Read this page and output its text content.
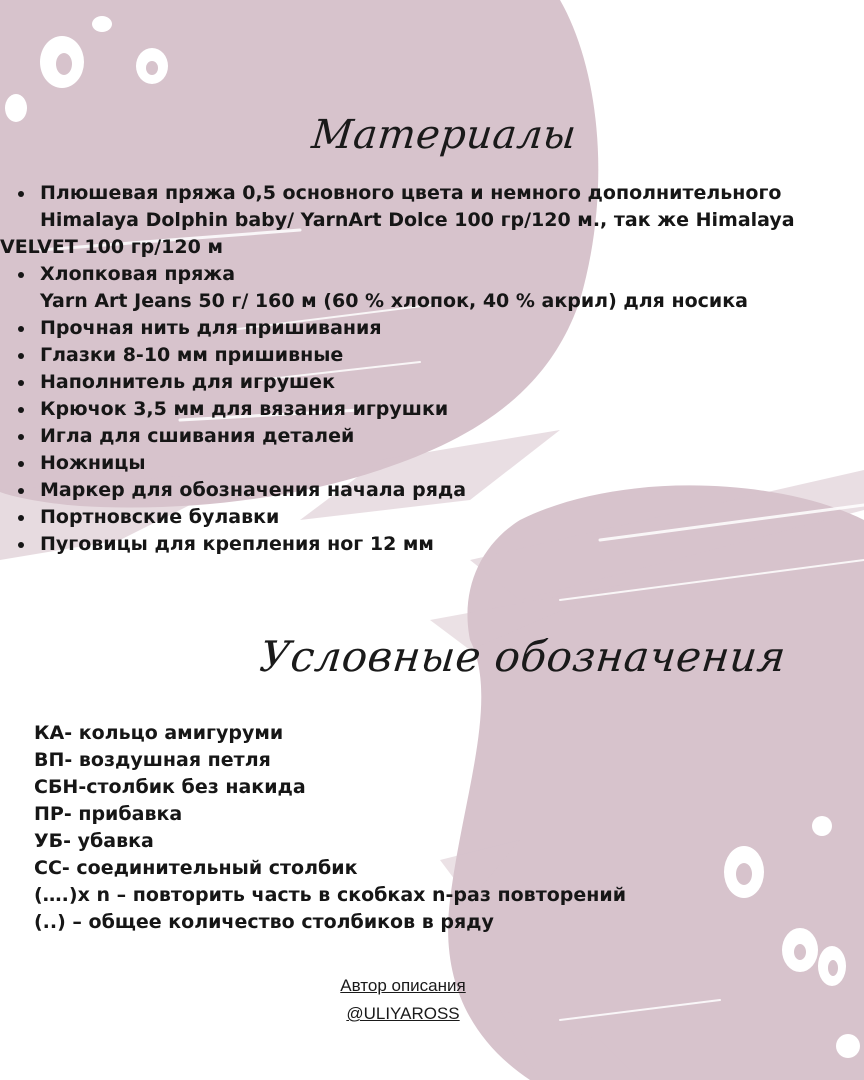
Материалы
Плюшевая пряжа 0,5 основного цвета и немного дополнительного
Himalaya Dolphin baby/ YarnArt Dolce 100 гр/120 м., так же Himalaya
VELVET 100 гр/120 м
Хлопковая пряжа
Yarn Art Jeans 50 г/ 160 м (60 % хлопок, 40 % акрил) для носика
Прочная нить для пришивания
Глазки 8-10 мм пришивные
Наполнитель для игрушек
Крючок 3,5 мм для вязания игрушки
Игла для сшивания деталей
Ножницы
Маркер для обозначения начала ряда
Портновские булавки
Пуговицы для крепления ног 12 мм
Условные обозначения
КА- кольцо амигуруми
ВП- воздушная петля
СБН-столбик без накида
ПР- прибавка
УБ- убавка
СС- соединительный столбик
(….)х n – повторить часть в скобках n-раз повторений
(..) – общее количество столбиков в ряду
Автор описания
@ULIYAROSS
